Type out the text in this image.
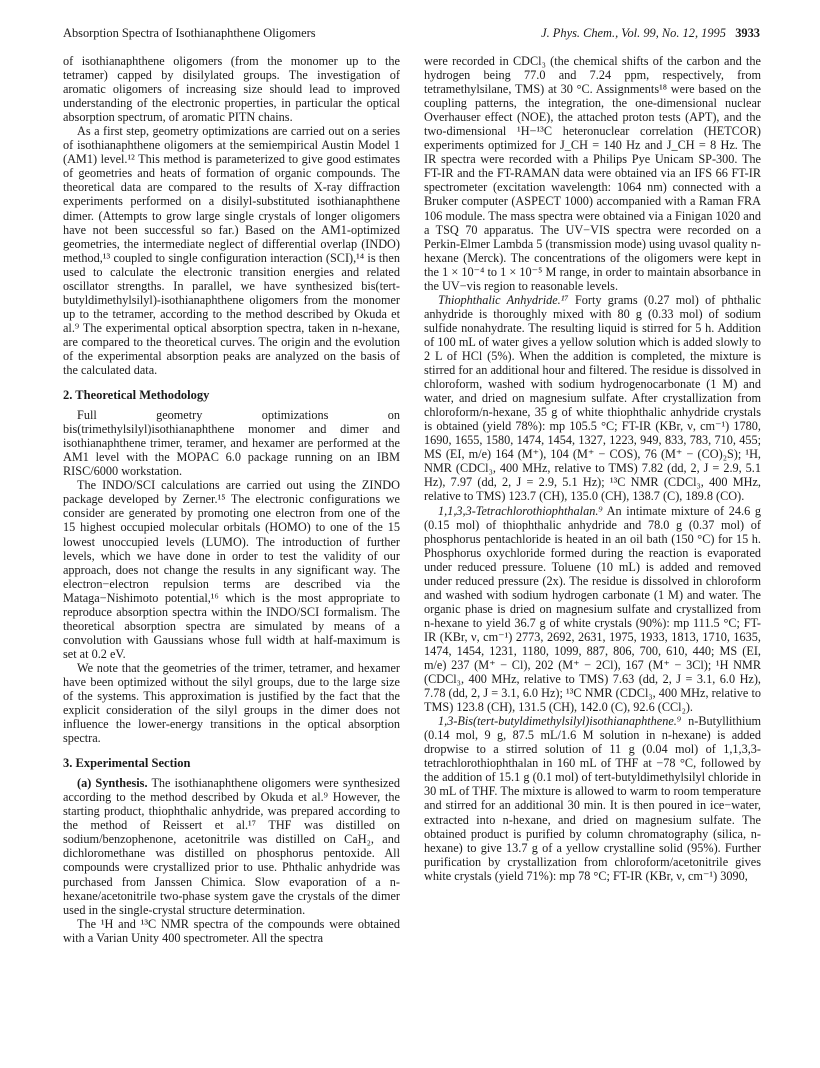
Absorption Spectra of Isothianaphthene Oligomers	J. Phys. Chem., Vol. 99, No. 12, 1995 3933

of isothianaphthene oligomers (from the monomer up to the tetramer) capped by disilylated groups. The investigation of aromatic oligomers of increasing size should lead to improved understanding of the electronic properties, in particular the optical absorption spectrum, of aromatic PITN chains.

As a first step, geometry optimizations are carried out on a series of isothianaphthene oligomers at the semiempirical Austin Model 1 (AM1) level.¹² This method is parameterized to give good estimates of geometries and heats of formation of organic compounds. The theoretical data are compared to the results of X-ray diffraction experiments performed on a disilyl-substituted isothianaphthene dimer. (Attempts to grow large single crystals of longer oligomers have not been successful so far.) Based on the AM1-optimized geometries, the intermediate neglect of differential overlap (INDO) method,¹³ coupled to single configuration interaction (SCI),¹⁴ is then used to calculate the electronic transition energies and related oscillator strengths. In parallel, we have synthesized bis(tert-butyldimethylsilyl)-isothianaphthene oligomers from the monomer up to the tetramer, according to the method described by Okuda et al.⁹ The experimental optical absorption spectra, taken in n-hexane, are compared to the theoretical curves. The origin and the evolution of the experimental absorption peaks are analyzed on the basis of the calculated data.

2. Theoretical Methodology

Full geometry optimizations on bis(trimethylsilyl)isothianaphthene monomer and dimer and isothianaphthene trimer, teramer, and hexamer are performed at the AM1 level with the MOPAC 6.0 package running on an IBM RISC/6000 workstation.

The INDO/SCI calculations are carried out using the ZINDO package developed by Zerner.¹⁵ The electronic configurations we consider are generated by promoting one electron from one of the 15 highest occupied molecular orbitals (HOMO) to one of the 15 lowest unoccupied levels (LUMO). The introduction of further levels, which we have done in order to test the validity of our approach, does not change the results in any significant way. The electron−electron repulsion terms are described via the Mataga−Nishimoto potential,¹⁶ which is the most appropriate to reproduce absorption spectra within the INDO/SCI formalism. The theoretical absorption spectra are simulated by means of a convolution with Gaussians whose full width at half-maximum is set at 0.2 eV.

We note that the geometries of the trimer, tetramer, and hexamer have been optimized without the silyl groups, due to the large size of the systems. This approximation is justified by the fact that the explicit consideration of the silyl groups in the dimer does not influence the lower-energy transitions in the optical absorption spectra.

3. Experimental Section

(a) Synthesis. The isothianaphthene oligomers were synthesized according to the method described by Okuda et al.⁹ However, the starting product, thiophthalic anhydride, was prepared according to the method of Reissert et al.¹⁷ THF was distilled on sodium/benzophenone, acetonitrile was distilled on CaH₂, and dichloromethane was distilled on phosphorus pentoxide. All compounds were crystallized prior to use. Phthalic anhydride was purchased from Janssen Chimica. Slow evaporation of a n-hexane/acetonitrile two-phase system gave the crystals of the dimer used in the single-crystal structure determination.

The ¹H and ¹³C NMR spectra of the compounds were obtained with a Varian Unity 400 spectrometer. All the spectra

were recorded in CDCl₃ (the chemical shifts of the carbon and the hydrogen being 77.0 and 7.24 ppm, respectively, from tetramethylsilane, TMS) at 30 °C. Assignments¹⁸ were based on the coupling patterns, the integration, the one-dimensional nuclear Overhauser effect (NOE), the attached proton tests (APT), and the two-dimensional ¹H−¹³C heteronuclear correlation (HETCOR) experiments optimized for J_CH = 140 Hz and J_CH = 8 Hz. The IR spectra were recorded with a Philips Pye Unicam SP-300. The FT-IR and the FT-RAMAN data were obtained via an IFS 66 FT-IR spectrometer (excitation wavelength: 1064 nm) connected with a Bruker computer (ASPECT 1000) accompanied with a Raman FRA 106 module. The mass spectra were obtained via a Finigan 1020 and a TSQ 70 apparatus. The UV−VIS spectra were recorded on a Perkin-Elmer Lambda 5 (transmission mode) using uvasol quality n-hexane (Merck). The concentrations of the oligomers were kept in the 1 × 10⁻⁴ to 1 × 10⁻⁵ M range, in order to maintain absorbance in the UV−vis region to reasonable levels.

Thiophthalic Anhydride.¹⁷ Forty grams (0.27 mol) of phthalic anhydride is thoroughly mixed with 80 g (0.33 mol) of sodium sulfide nonahydrate. The resulting liquid is stirred for 5 h. Addition of 100 mL of water gives a yellow solution which is added slowly to 2 L of HCl (5%). When the addition is completed, the mixture is stirred for an additional hour and filtered. The residue is dissolved in chloroform, washed with sodium hydrogenocarbonate (1 M) and water, and dried on magnesium sulfate. After crystallization from chloroform/n-hexane, 35 g of white thiophthalic anhydride crystals is obtained (yield 78%): mp 105.5 °C; FT-IR (KBr, ν, cm⁻¹) 1780, 1690, 1655, 1580, 1474, 1454, 1327, 1223, 949, 833, 783, 710, 455; MS (EI, m/e) 164 (M⁺), 104 (M⁺ − COS), 76 (M⁺ − (CO)₂S); ¹H, NMR (CDCl₃, 400 MHz, relative to TMS) 7.82 (dd, 2, J = 2.9, 5.1 Hz), 7.97 (dd, 2, J = 2.9, 5.1 Hz); ¹³C NMR (CDCl₃, 400 MHz, relative to TMS) 123.7 (CH), 135.0 (CH), 138.7 (C), 189.8 (CO).

1,1,3,3-Tetrachlorothiophthalan.⁹ An intimate mixture of 24.6 g (0.15 mol) of thiophthalic anhydride and 78.0 g (0.37 mol) of phosphorus pentachloride is heated in an oil bath (150 °C) for 15 h. Phosphorus oxychloride formed during the reaction is evaporated under reduced pressure. Toluene (10 mL) is added and removed under reduced pressure (2x). The residue is dissolved in chloroform and washed with sodium hydrogen carbonate (1 M) and water. The organic phase is dried on magnesium sulfate and crystallized from n-hexane to yield 36.7 g of white crystals (90%): mp 111.5 °C; FT-IR (KBr, ν, cm⁻¹) 2773, 2692, 2631, 1975, 1933, 1813, 1710, 1635, 1474, 1454, 1231, 1180, 1099, 887, 806, 700, 610, 440; MS (EI, m/e) 237 (M⁺ − Cl), 202 (M⁺ − 2Cl), 167 (M⁺ − 3Cl); ¹H NMR (CDCl₃, 400 MHz, relative to TMS) 7.63 (dd, 2, J = 3.1, 6.0 Hz), 7.78 (dd, 2, J = 3.1, 6.0 Hz); ¹³C NMR (CDCl₃, 400 MHz, relative to TMS) 123.8 (CH), 131.5 (CH), 142.0 (C), 92.6 (CCl₂).

1,3-Bis(tert-butyldimethylsilyl)isothianaphthene.⁹ n-Butyllithium (0.14 mol, 9 g, 87.5 mL/1.6 M solution in n-hexane) is added dropwise to a stirred solution of 11 g (0.04 mol) of 1,1,3,3-tetrachlorothiophthalan in 160 mL of THF at −78 °C, followed by the addition of 15.1 g (0.1 mol) of tert-butyldimethylsilyl chloride in 30 mL of THF. The mixture is allowed to warm to room temperature and stirred for an additional 30 min. It is then poured in ice−water, extracted into n-hexane, and dried on magnesium sulfate. The obtained product is purified by column chromatography (silica, n-hexane) to give 13.7 g of a yellow crystalline solid (95%). Further purification by crystallization from chloroform/acetonitrile gives white crystals (yield 71%): mp 78 °C; FT-IR (KBr, ν, cm⁻¹) 3090,
